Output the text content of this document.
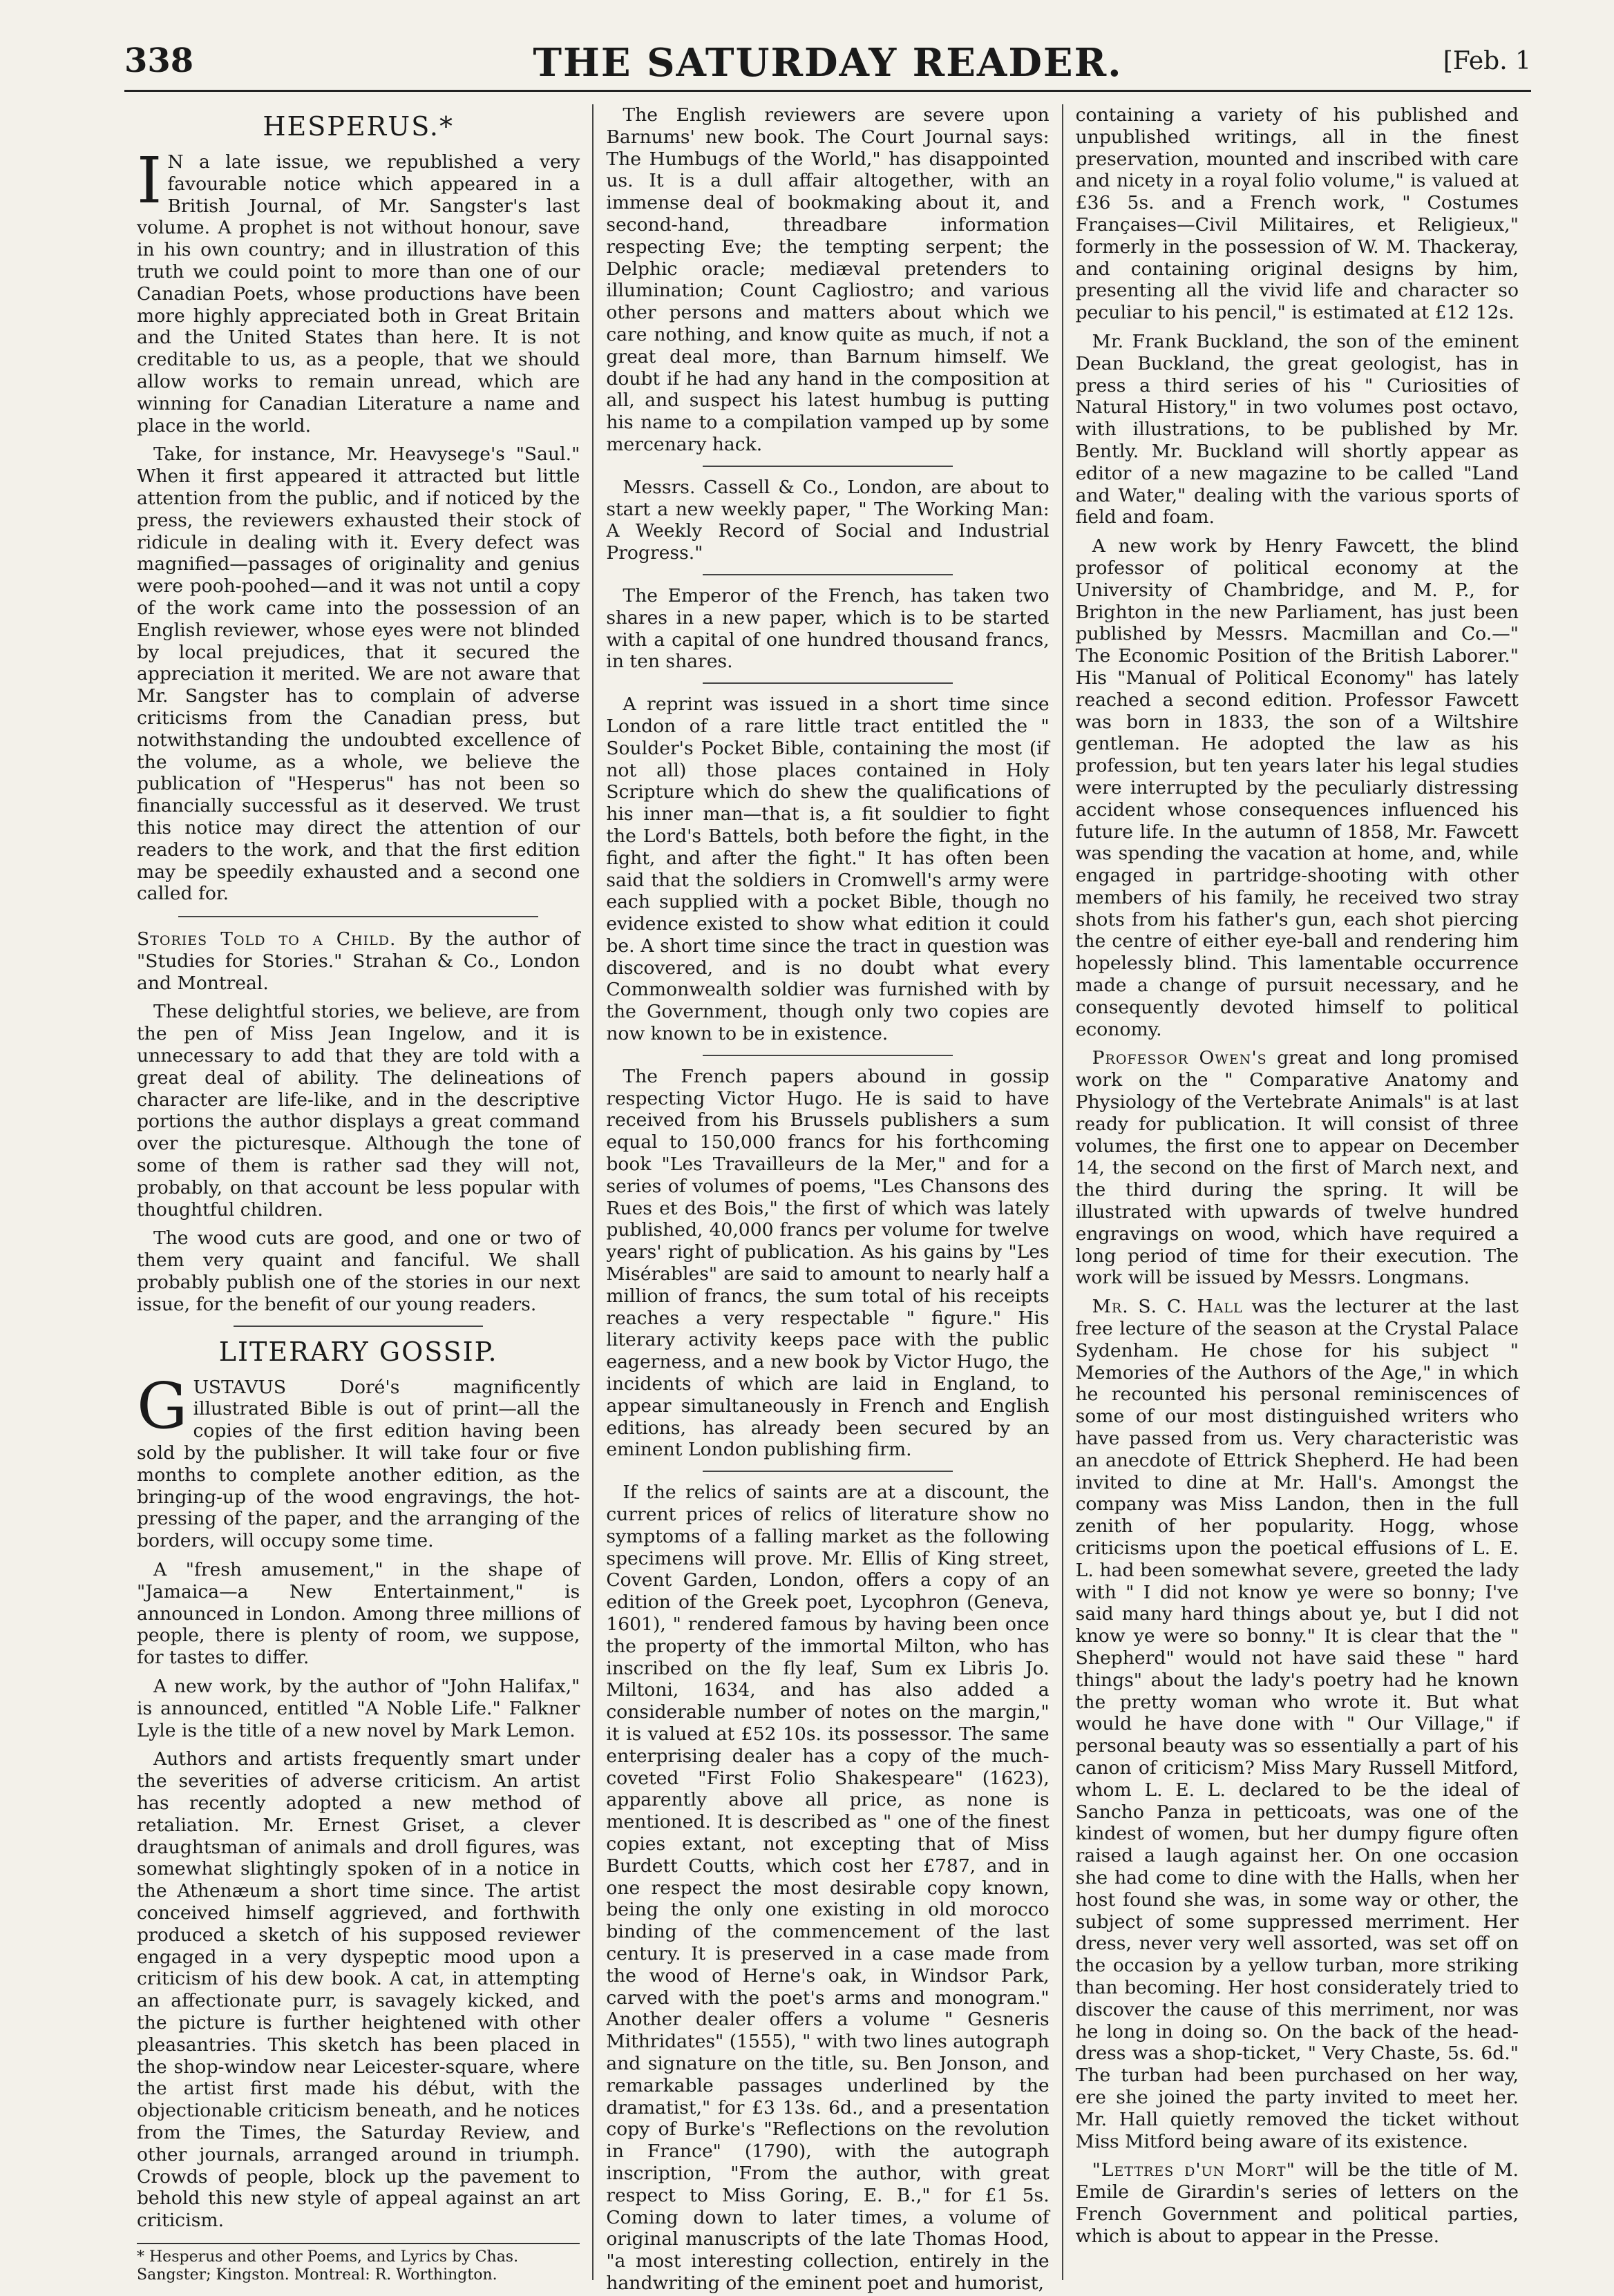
338	THE SATURDAY READER.	[Feb. 1
HESPERUS.*

I N a late issue, we republished a very favourable notice which appeared in a British Journal, of Mr. Sangster's last volume. A prophet is not without honour, save in his own country; and in illustration of this truth we could point to more than one of our Canadian Poets, whose productions have been more highly appreciated both in Great Britain and the United States than here. It is not creditable to us, as a people, that we should allow works to remain unread, which are winning for Canadian Literature a name and place in the world.

Take, for instance, Mr. Heavysege's "Saul." When it first appeared it attracted but little attention from the public, and if noticed by the press, the reviewers exhausted their stock of ridicule in dealing with it. Every defect was magnified—passages of originality and genius were pooh-poohed—and it was not until a copy of the work came into the possession of an English reviewer, whose eyes were not blinded by local prejudices, that it secured the appreciation it merited. We are not aware that Mr. Sangster has to complain of adverse criticisms from the Canadian press, but notwithstanding the undoubted excellence of the volume, as a whole, we believe the publication of "Hesperus" has not been so financially successful as it deserved. We trust this notice may direct the attention of our readers to the work, and that the first edition may be speedily exhausted and a second one called for.

Stories Told to a Child. By the author of "Studies for Stories." Strahan & Co., London and Montreal.

These delightful stories, we believe, are from the pen of Miss Jean Ingelow, and it is unnecessary to add that they are told with a great deal of ability. The delineations of character are life-like, and in the descriptive portions the author displays a great command over the picturesque. Although the tone of some of them is rather sad they will not, probably, on that account be less popular with thoughtful children.

The wood cuts are good, and one or two of them very quaint and fanciful. We shall probably publish one of the stories in our next issue, for the benefit of our young readers.

LITERARY GOSSIP.

GUSTAVUS Doré's magnificently illustrated Bible is out of print—all the copies of the first edition having been sold by the publisher. It will take four or five months to complete another edition, as the bringing-up of the wood engravings, the hot-pressing of the paper, and the arranging of the borders, will occupy some time.

A "fresh amusement," in the shape of "Jamaica—a New Entertainment," is announced in London. Among three millions of people, there is plenty of room, we suppose, for tastes to differ.

A new work, by the author of "John Halifax," is announced, entitled "A Noble Life." Falkner Lyle is the title of a new novel by Mark Lemon.

Authors and artists frequently smart under the severities of adverse criticism. An artist has recently adopted a new method of retaliation. Mr. Ernest Griset, a clever draughtsman of animals and droll figures, was somewhat slightingly spoken of in a notice in the Athenæum a short time since. The artist conceived himself aggrieved, and forthwith produced a sketch of his supposed reviewer engaged in a very dyspeptic mood upon a criticism of his dew book. A cat, in attempting an affectionate purr, is savagely kicked, and the picture is further heightened with other pleasantries. This sketch has been placed in the shop-window near Leicester-square, where the artist first made his début, with the objectionable criticism beneath, and he notices from the Times, the Saturday Review, and other journals, arranged around in triumph. Crowds of people, block up the pavement to behold this new style of appeal against an art criticism.

* Hesperus and other Poems, and Lyrics by Chas. Sangster; Kingston. Montreal: R. Worthington.

The English reviewers are severe upon Barnums' new book. The Court Journal says: The Humbugs of the World," has disappointed us. It is a dull affair altogether, with an immense deal of bookmaking about it, and second-hand, threadbare information respecting Eve; the tempting serpent; the Delphic oracle; mediæval pretenders to illumination; Count Cagliostro; and various other persons and matters about which we care nothing, and know quite as much, if not a great deal more, than Barnum himself. We doubt if he had any hand in the composition at all, and suspect his latest humbug is putting his name to a compilation vamped up by some mercenary hack.

Messrs. Cassell & Co., London, are about to start a new weekly paper, " The Working Man: A Weekly Record of Social and Industrial Progress."

The Emperor of the French, has taken two shares in a new paper, which is to be started with a capital of one hundred thousand francs, in ten shares.

A reprint was issued in a short time since London of a rare little tract entitled the " Soulder's Pocket Bible, containing the most (if not all) those places contained in Holy Scripture which do shew the qualifications of his inner man—that is, a fit souldier to fight the Lord's Battels, both before the fight, in the fight, and after the fight." It has often been said that the soldiers in Cromwell's army were each supplied with a pocket Bible, though no evidence existed to show what edition it could be. A short time since the tract in question was discovered, and is no doubt what every Commonwealth soldier was furnished with by the Government, though only two copies are now known to be in existence.

The French papers abound in gossip respecting Victor Hugo. He is said to have received from his Brussels publishers a sum equal to 150,000 francs for his forthcoming book "Les Travailleurs de la Mer," and for a series of volumes of poems, "Les Chansons des Rues et des Bois," the first of which was lately published, 40,000 francs per volume for twelve years' right of publication. As his gains by "Les Misérables" are said to amount to nearly half a million of francs, the sum total of his receipts reaches a very respectable " figure." His literary activity keeps pace with the public eagerness, and a new book by Victor Hugo, the incidents of which are laid in England, to appear simultaneously in French and English editions, has already been secured by an eminent London publishing firm.

If the relics of saints are at a discount, the current prices of relics of literature show no symptoms of a falling market as the following specimens will prove. Mr. Ellis of King street, Covent Garden, London, offers a copy of an edition of the Greek poet, Lycophron (Geneva, 1601), " rendered famous by having been once the property of the immortal Milton, who has inscribed on the fly leaf, Sum ex Libris Jo. Miltoni, 1634, and has also added a considerable number of notes on the margin," it is valued at £52 10s. its possessor. The same enterprising dealer has a copy of the much-coveted "First Folio Shakespeare" (1623), apparently above all price, as none is mentioned. It is described as " one of the finest copies extant, not excepting that of Miss Burdett Coutts, which cost her £787, and in one respect the most desirable copy known, being the only one existing in old morocco binding of the commencement of the last century. It is preserved in a case made from the wood of Herne's oak, in Windsor Park, carved with the poet's arms and monogram." Another dealer offers a volume " Gesneris Mithridates" (1555), " with two lines autograph and signature on the title, su. Ben Jonson, and remarkable passages underlined by the dramatist," for £3 13s. 6d., and a presentation copy of Burke's "Reflections on the revolution in France" (1790), with the autograph inscription, "From the author, with great respect to Miss Goring, E. B.," for £1 5s. Coming down to later times, a volume of original manuscripts of the late Thomas Hood, "a most interesting collection, entirely in the handwriting of the eminent poet and humorist,

containing a variety of his published and unpublished writings, all in the finest preservation, mounted and inscribed with care and nicety in a royal folio volume," is valued at £36 5s. and a French work, " Costumes Françaises—Civil Militaires, et Religieux," formerly in the possession of W. M. Thackeray, and containing original designs by him, presenting all the vivid life and character so peculiar to his pencil," is estimated at £12 12s.

Mr. Frank Buckland, the son of the eminent Dean Buckland, the great geologist, has in press a third series of his " Curiosities of Natural History," in two volumes post octavo, with illustrations, to be published by Mr. Bently. Mr. Buckland will shortly appear as editor of a new magazine to be called "Land and Water," dealing with the various sports of field and foam.

A new work by Henry Fawcett, the blind professor of political economy at the University of Chambridge, and M. P., for Brighton in the new Parliament, has just been published by Messrs. Macmillan and Co.—" The Economic Position of the British Laborer." His "Manual of Political Economy" has lately reached a second edition. Professor Fawcett was born in 1833, the son of a Wiltshire gentleman. He adopted the law as his profession, but ten years later his legal studies were interrupted by the peculiarly distressing accident whose consequences influenced his future life. In the autumn of 1858, Mr. Fawcett was spending the vacation at home, and, while engaged in partridge-shooting with other members of his family, he received two stray shots from his father's gun, each shot piercing the centre of either eye-ball and rendering him hopelessly blind. This lamentable occurrence made a change of pursuit necessary, and he consequently devoted himself to political economy.

Professor Owen's great and long promised work on the " Comparative Anatomy and Physiology of the Vertebrate Animals" is at last ready for publication. It will consist of three volumes, the first one to appear on December 14, the second on the first of March next, and the third during the spring. It will be illustrated with upwards of twelve hundred engravings on wood, which have required a long period of time for their execution. The work will be issued by Messrs. Longmans.

Mr. S. C. Hall was the lecturer at the last free lecture of the season at the Crystal Palace Sydenham. He chose for his subject " Memories of the Authors of the Age," in which he recounted his personal reminiscences of some of our most distinguished writers who have passed from us. Very characteristic was an anecdote of Ettrick Shepherd. He had been invited to dine at Mr. Hall's. Amongst the company was Miss Landon, then in the full zenith of her popularity. Hogg, whose criticisms upon the poetical effusions of L. E. L. had been somewhat severe, greeted the lady with " I did not know ye were so bonny; I've said many hard things about ye, but I did not know ye were so bonny." It is clear that the " Shepherd" would not have said these " hard things" about the lady's poetry had he known the pretty woman who wrote it. But what would he have done with " Our Village," if personal beauty was so essentially a part of his canon of criticism? Miss Mary Russell Mitford, whom L. E. L. declared to be the ideal of Sancho Panza in petticoats, was one of the kindest of women, but her dumpy figure often raised a laugh against her. On one occasion she had come to dine with the Halls, when her host found she was, in some way or other, the subject of some suppressed merriment. Her dress, never very well assorted, was set off on the occasion by a yellow turban, more striking than becoming. Her host considerately tried to discover the cause of this merriment, nor was he long in doing so. On the back of the head-dress was a shop-ticket, " Very Chaste, 5s. 6d." The turban had been purchased on her way, ere she joined the party invited to meet her. Mr. Hall quietly removed the ticket without Miss Mitford being aware of its existence.

"Lettres d'un Mort" will be the title of M. Emile de Girardin's series of letters on the French Government and political parties, which is about to appear in the Presse.
